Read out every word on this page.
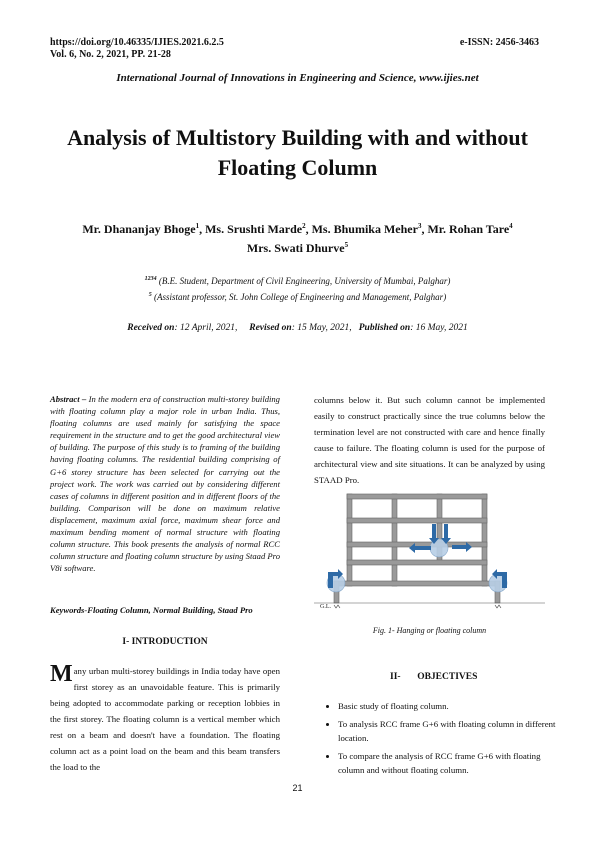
https://doi.org/10.46335/IJIES.2021.6.2.5
Vol. 6, No. 2, 2021, PP. 21-28
e-ISSN: 2456-3463
International Journal of Innovations in Engineering and Science, www.ijies.net
Analysis of Multistory Building with and without
Floating Column
Mr. Dhananjay Bhoge$^1$, Ms. Srushti Marde$^2$, Ms. Bhumika Meher$^3$, Mr. Rohan Tare$^4$
Mrs. Swati Dhurve$^5$
$^{1234}$ (B.E. Student, Department of Civil Engineering, University of Mumbai, Palghar)
$^5$ (Assistant professor, St. John College of Engineering and Management, Palghar)
Received on: 12 April, 2021, Revised on: 15 May, 2021, Published on: 16 May, 2021
Abstract – In the modern era of construction multi-storey building with floating column play a major role in urban India. Thus, floating columns are used mainly for satisfying the space requirement in the structure and to get the good architectural view of building. The purpose of this study is to framing of the building having floating columns. The residential building comprising of G+6 storey structure has been selected for carrying out the project work. The work was carried out by considering different cases of columns in different position and in different floors of the building. Comparison will be done on maximum relative displacement, maximum axial force, maximum shear force and maximum bending moment of normal structure with floating column structure. This book presents the analysis of normal RCC column structure and floating column structure by using Staad Pro V8i software.
Keywords-Floating Column, Normal Building, Staad Pro
I- INTRODUCTION
Many urban multi-storey buildings in India today have open first storey as an unavoidable feature. This is primarily being adopted to accommodate parking or reception lobbies in the first storey. The floating column is a vertical member which rest on a beam and doesn't have a foundation. The floating column act as a point load on the beam and this beam transfers the load to the
columns below it. But such column cannot be implemented easily to construct practically since the true columns below the termination level are not constructed with care and hence finally cause to failure. The floating column is used for the purpose of architectural view and site situations. It can be analyzed by using STAAD Pro.
G.L.
Fig. 1- Hanging or floating column
II- OBJECTIVES
• Basic study of floating column.
• To analysis RCC frame G+6 with floating column in different location.
• To compare the analysis of RCC frame G+6 with floating column and without floating column.
21
